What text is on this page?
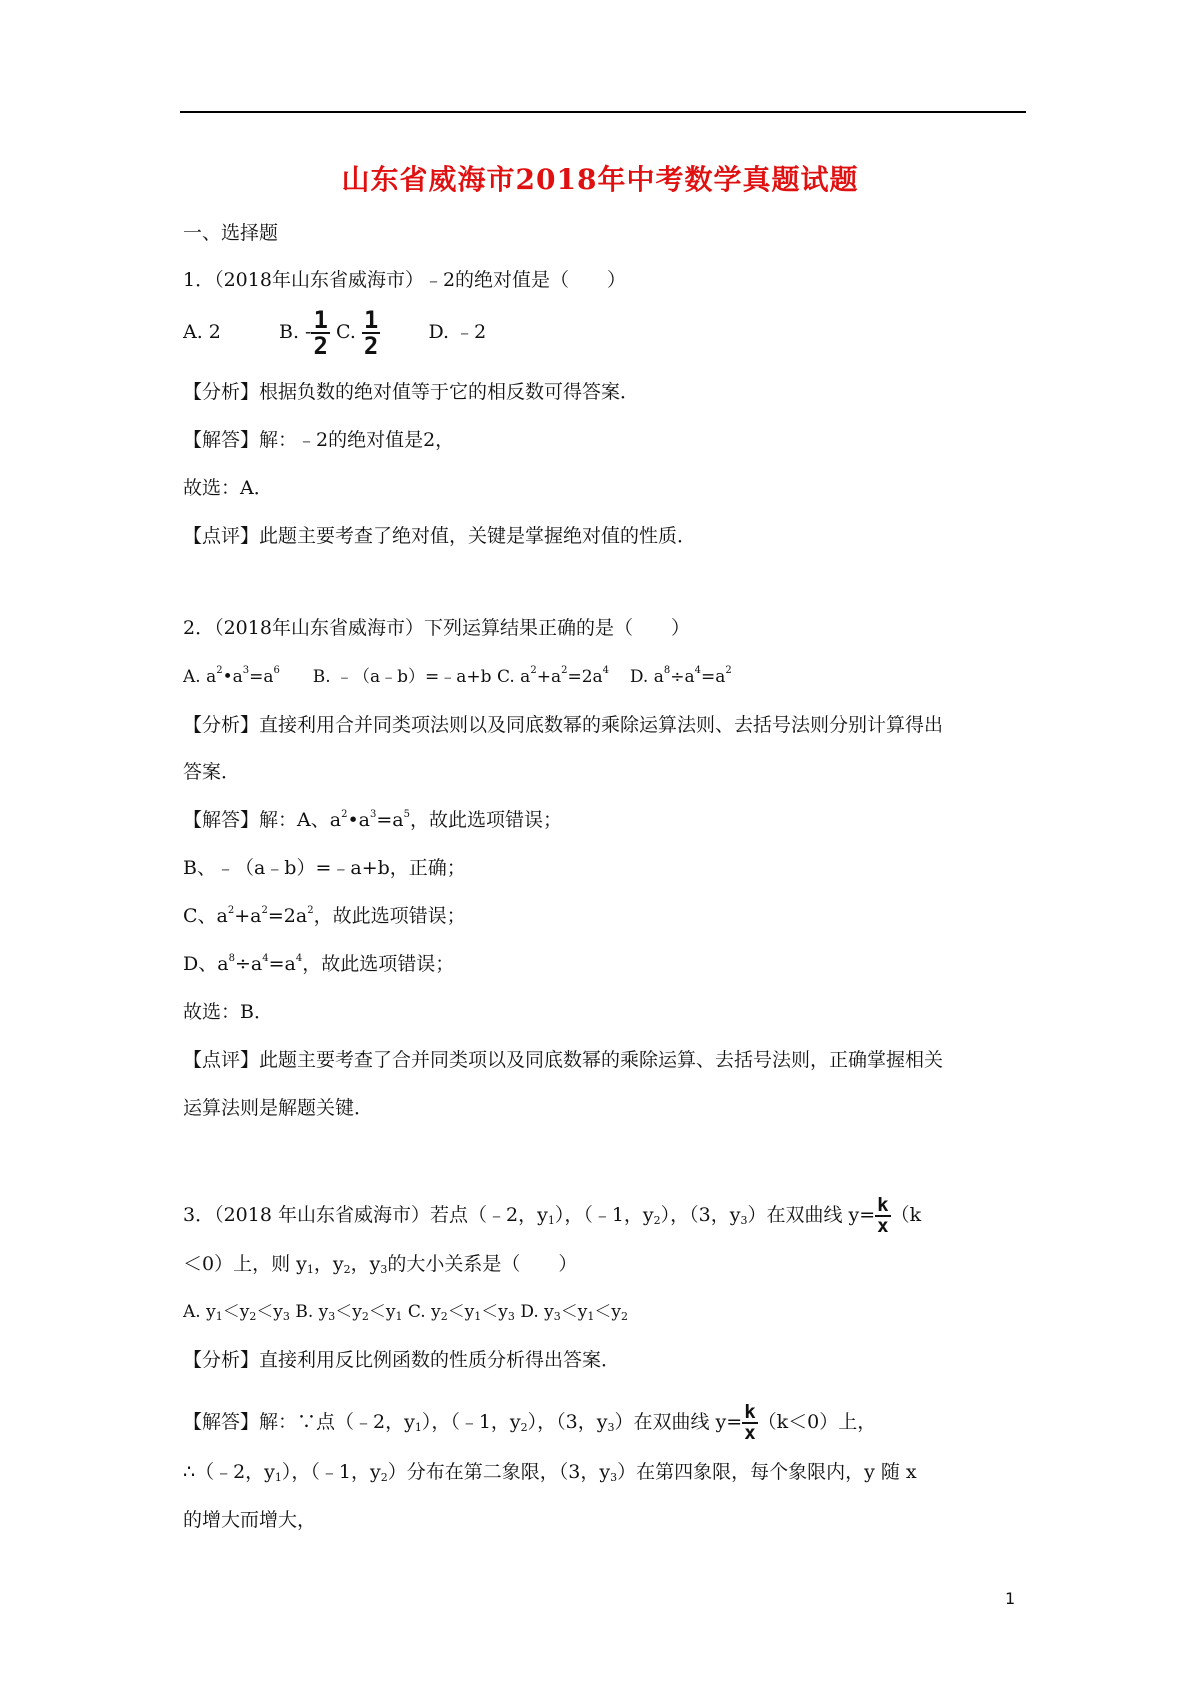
山东省威海市2018年中考数学真题试题
一、选择题
1．（2018年山东省威海市）﹣2的绝对值是（　　）
A. 2	B. - $\frac{1}{2} C$. $\frac{1}{2}$	D. ﹣2
【分析】根据负数的绝对值等于它的相反数可得答案．
【解答】解：﹣2的绝对值是2，
故选：A．
【点评】此题主要考查了绝对值，关键是掌握绝对值的性质．
2．（2018年山东省威海市）下列运算结果正确的是（　　）
A. $a^2•a^3=a^6$ B. ﹣（a﹣b）=﹣a+b C. $a^2+a^2=2a^4$ D. $a^8\div a^4=a^2$
【分析】直接利用合并同类项法则以及同底数幂的乘除运算法则、去括号法则分别计算得出
答案．
【解答】解：A、$a^2•a^3=a^5$，故此选项错误；
B、﹣（a﹣b）=﹣a+b，正确；
C、$a^2+a^2=2a^2$，故此选项错误；
D、$a^8\div a^4=a^4$，故此选项错误；
故选：B．
【点评】此题主要考查了合并同类项以及同底数幂的乘除运算、去括号法则，正确掌握相关
运算法则是解题关键．
3．（2018 年山东省威海市）若点（﹣2，$y_1$），（﹣1，$y_2$），（3，$y_3$）在双曲线 $y= \frac{k}{x} (k$
＜0）上，则 $y_1$，$y_2$，$y_3$的大小关系是（　　）
A. $y_1<y_2<y_3$ B. $y_3<y_2<y_1$ C. $y_2<y_1<y_3$ D. $y_3<y_1<y_2$
【分析】直接利用反比例函数的性质分析得出答案．
【解答】解：∵点（﹣2，$y_1$），（﹣1，$y_2$），（3，$y_3$）在双曲线 $y= \frac{k}{x} (k<0)$上，
∴（﹣2，$y_1$），（﹣1，$y_2$）分布在第二象限，（3，$y_3$）在第四象限，每个象限内，y 随 x
的增大而增大，
1
